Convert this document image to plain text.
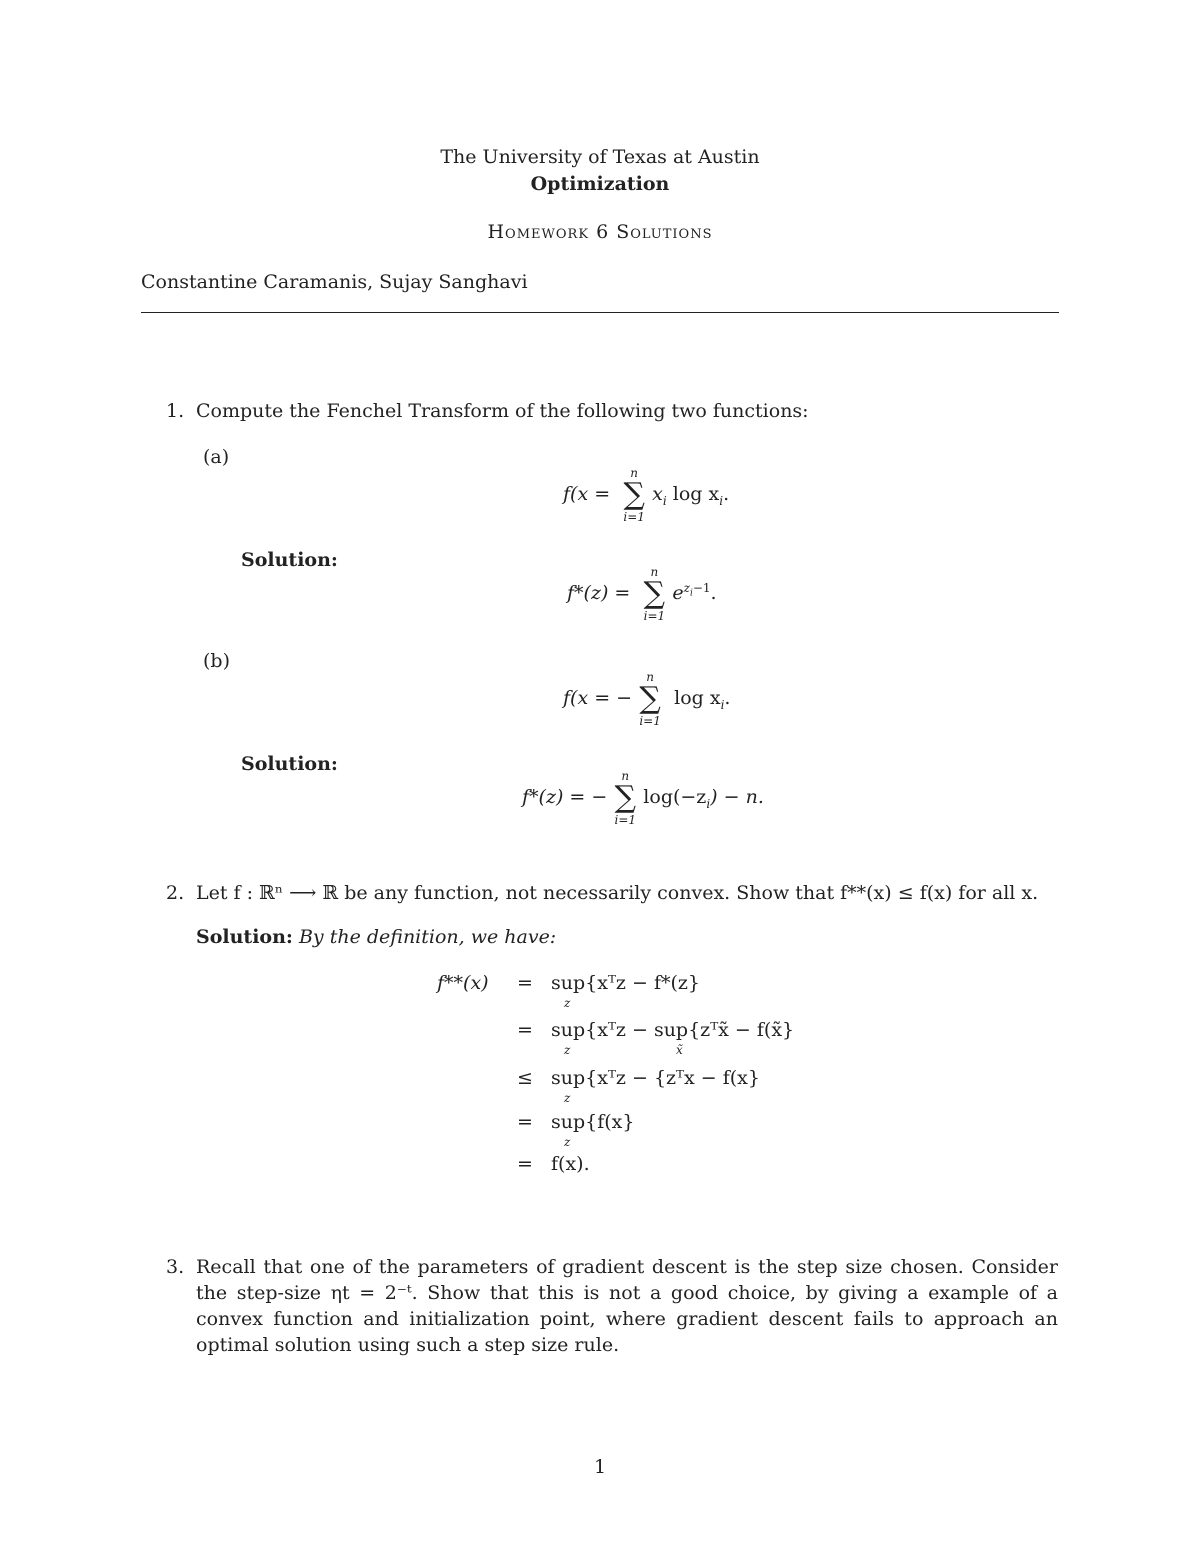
The University of Texas at Austin
Optimization
Homework 6 Solutions
Constantine Caramanis, Sujay Sanghavi
1. Compute the Fenchel Transform of the following two functions:
(a)
f(x =
n
∑
i=1
$x_i$ $\log x_i$.
Solution:
f*(z) =
n
∑
i=1
$e^{z_i-1}$.
(b)
f(x = −
n
∑
i=1
$\log x_i$.
Solution:
f*(z) = −
n
∑
i=1
$\log(-z_i) - n$.
2. Let f : ℝⁿ ⟶ ℝ be any function, not necessarily convex. Show that f**(x) ≤ f(x) for all x.
Solution: By the definition, we have:
f**(x) = sup{xᵀz − f*(z}
z
= sup{xᵀz − sup{zᵀx̃ − f(x̃}
z	x̃
≤ sup{xᵀz − {zᵀx − f(x}
z
= sup{f(x}
z
= f(x).
3. Recall that one of the parameters of gradient descent is the step size chosen. Consider the step-size ηt = 2⁻ᵗ. Show that this is not a good choice, by giving a example of a convex function and initialization point, where gradient descent fails to approach an optimal solution using such a step size rule.
1
